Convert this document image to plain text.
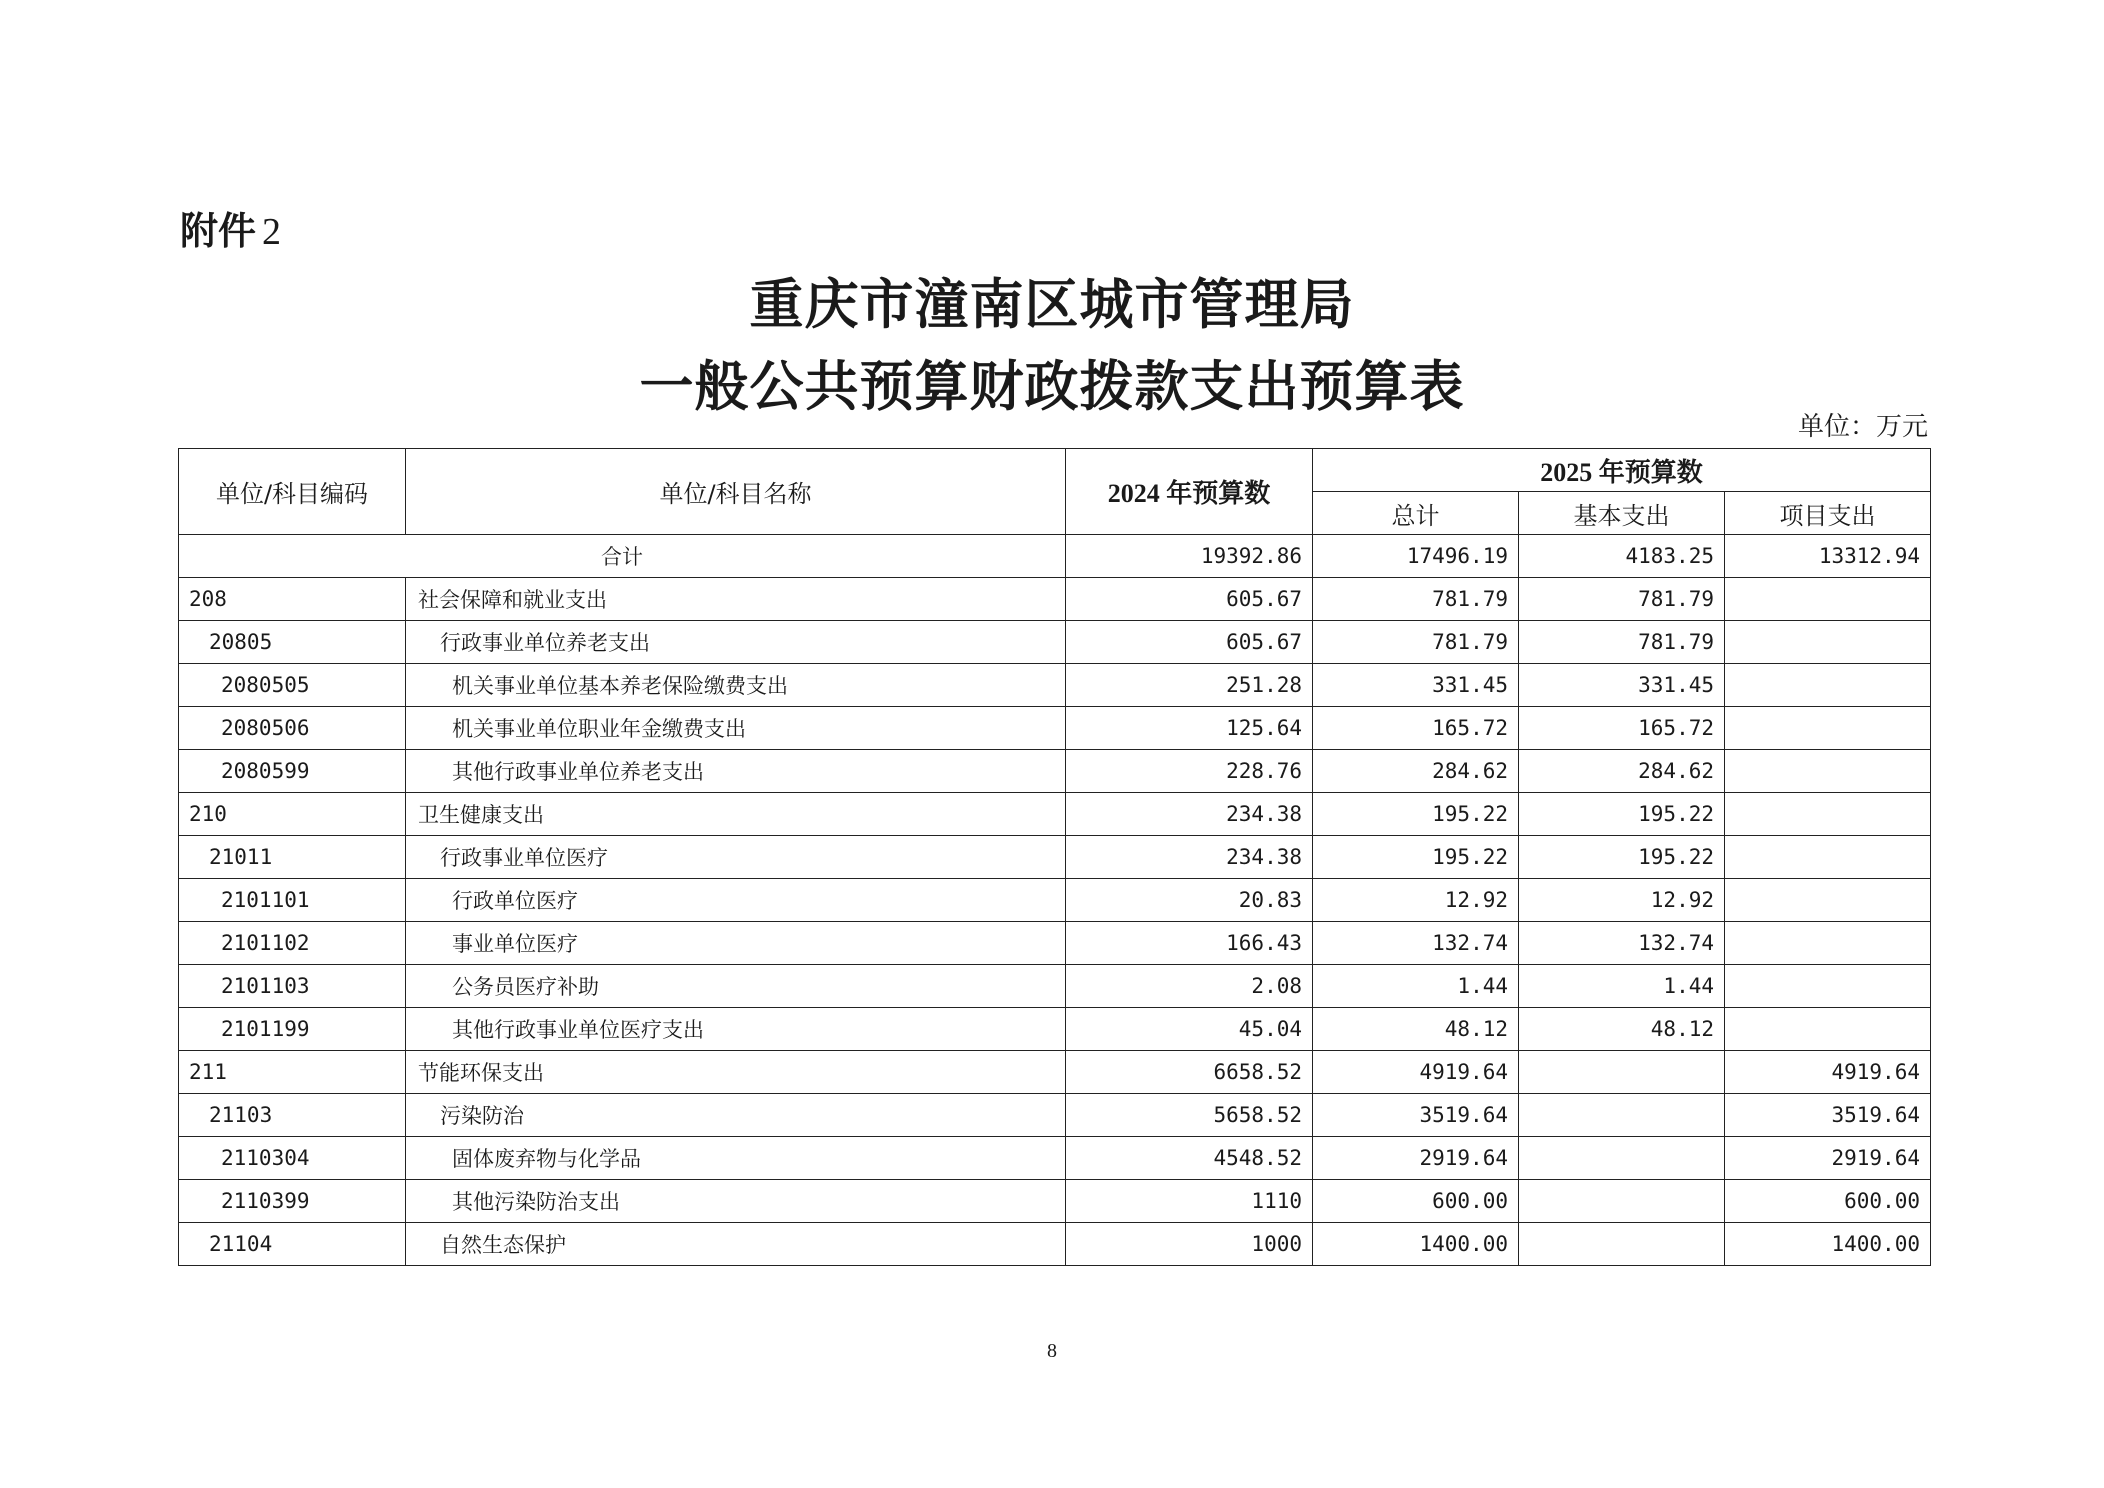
附件 2
重庆市潼南区城市管理局
一般公共预算财政拨款支出预算表
单位：万元
单位/科目编码	单位/科目名称	2024 年预算数	2025 年预算数		
			总计	基本支出	项目支出
合计		19392.86	17496.19	4183.25	13312.94
208	社会保障和就业支出	605.67	781.79	781.79	
20805	行政事业单位养老支出	605.67	781.79	781.79	
2080505	机关事业单位基本养老保险缴费支出	251.28	331.45	331.45	
2080506	机关事业单位职业年金缴费支出	125.64	165.72	165.72	
2080599	其他行政事业单位养老支出	228.76	284.62	284.62	
210	卫生健康支出	234.38	195.22	195.22	
21011	行政事业单位医疗	234.38	195.22	195.22	
2101101	行政单位医疗	20.83	12.92	12.92	
2101102	事业单位医疗	166.43	132.74	132.74	
2101103	公务员医疗补助	2.08	1.44	1.44	
2101199	其他行政事业单位医疗支出	45.04	48.12	48.12	
211	节能环保支出	6658.52	4919.64		4919.64
21103	污染防治	5658.52	3519.64		3519.64
2110304	固体废弃物与化学品	4548.52	2919.64		2919.64
2110399	其他污染防治支出	1110	600.00		600.00
21104	自然生态保护	1000	1400.00		1400.00
8
